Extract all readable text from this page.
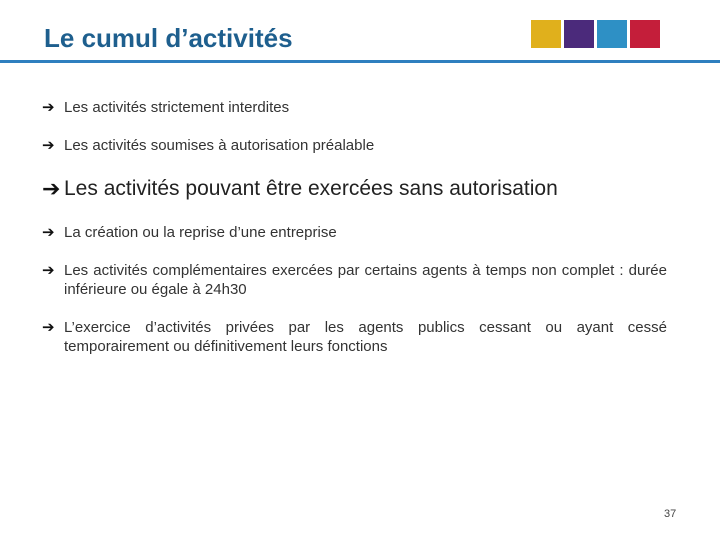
Le cumul d’activités
➔ Les activités strictement interdites
➔ Les activités soumises à autorisation préalable
➔ Les activités pouvant être exercées sans autorisation
➔ La création ou la reprise d’une entreprise
➔ Les activités complémentaires exercées par certains agents à temps non complet : durée inférieure ou égale à 24h30
➔ L’exercice d’activités privées par les agents publics cessant ou ayant cessé temporairement ou définitivement leurs fonctions
37
